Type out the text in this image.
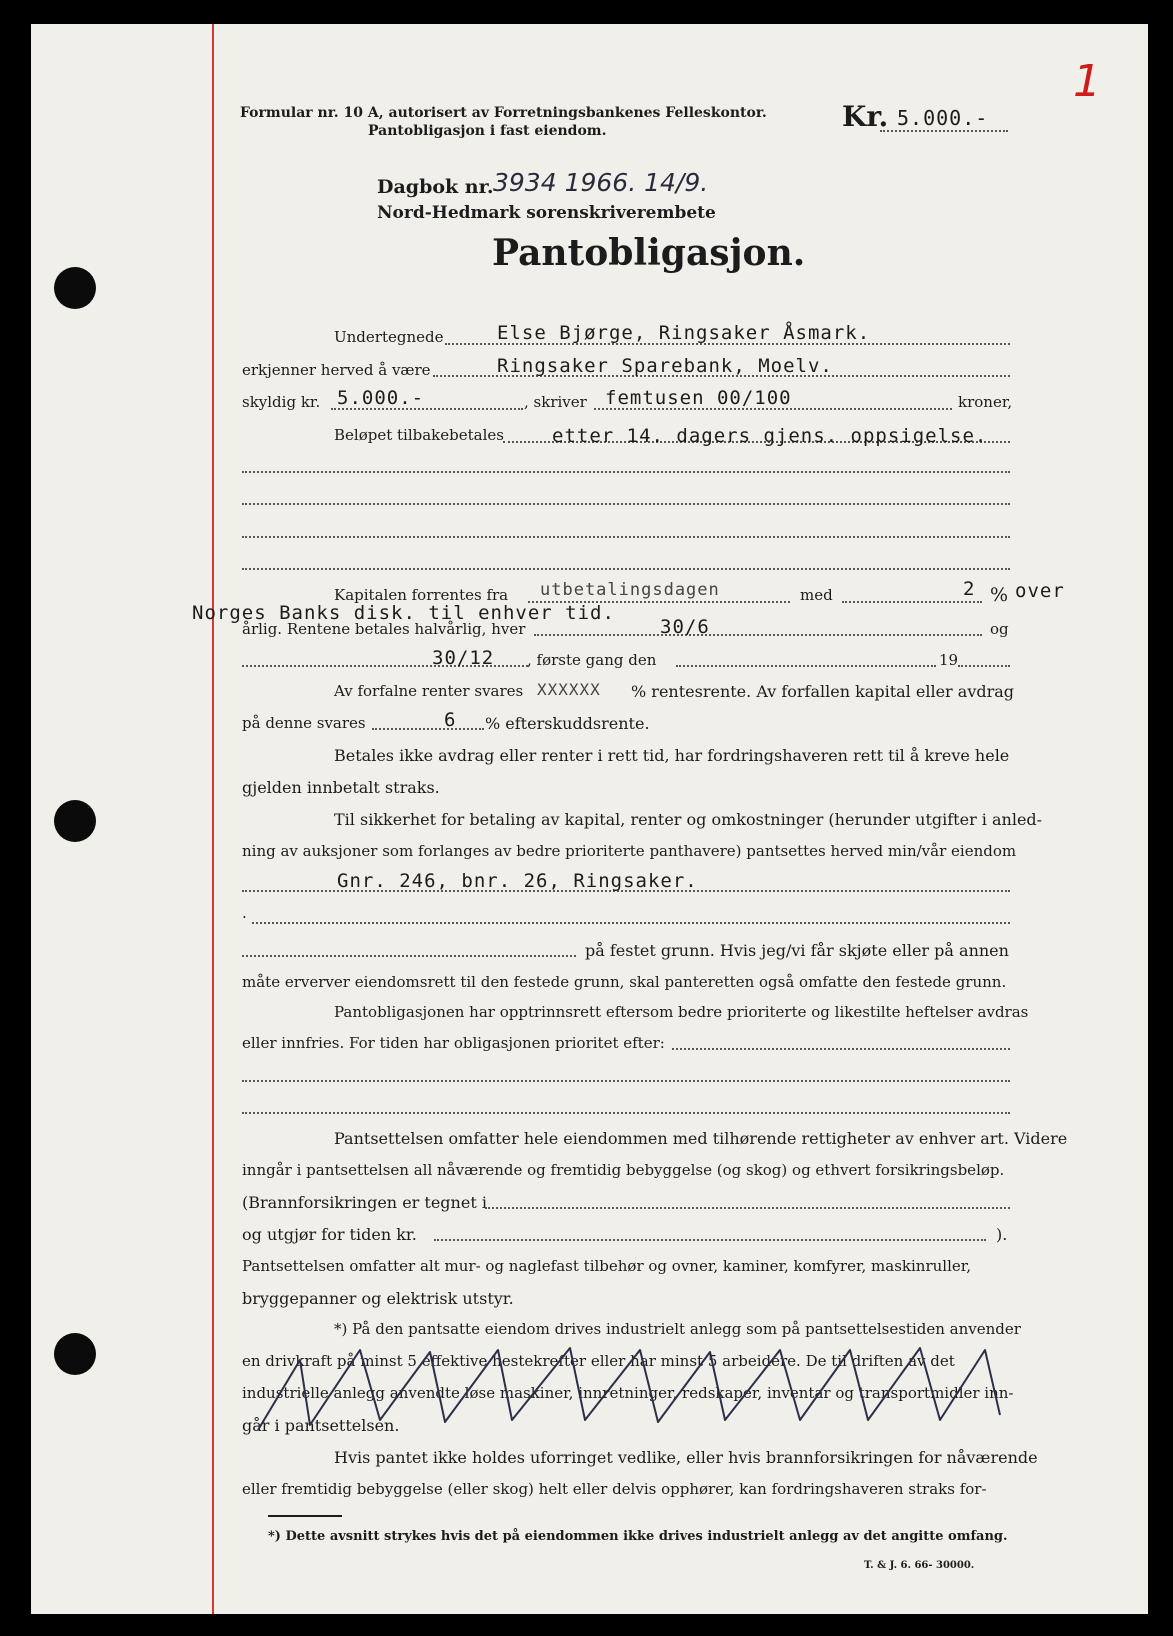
Formular nr. 10 A, autorisert av Forretningsbankenes Felleskontor.
Pantobligasjon i fast eiendom.	Kr. 5.000.-
1
Dagbok nr. 3934 1966. 14/9.
Nord-Hedmark sorenskriverembete
Pantobligasjon.
Undertegnede	Else Bjørge, Ringsaker Åsmark.
erkjenner herved å være	Ringsaker Sparebank, Moelv.
skyldig kr. 5.000.-	, skriver femtusen 00/100	kroner,
Beløpet tilbakebetales	etter 14. dagers gjens. oppsigelse.
Kapitalen forrentes fra utbetalingsdagen	med	2 % over
Norges Banks disk. til enhver tid.
årlig. Rentene betales halvårlig, hver	30/6	og
30/12 , første gang den	19
Av forfalne renter svares XXXXXX % rentesrente. Av forfallen kapital eller avdrag
på denne svares	6 % efterskuddsrente.
Betales ikke avdrag eller renter i rett tid, har fordringshaveren rett til å kreve hele
gjelden innbetalt straks.
Til sikkerhet for betaling av kapital, renter og omkostninger (herunder utgifter i anled-
ning av auksjoner som forlanges av bedre prioriterte panthavere) pantsettes herved min/vår eiendom
Gnr. 246, bnr. 26, Ringsaker.
.
på festet grunn. Hvis jeg/vi får skjøte eller på annen
måte erverver eiendomsrett til den festede grunn, skal panteretten også omfatte den festede grunn.
Pantobligasjonen har opptrinnsrett eftersom bedre prioriterte og likestilte heftelser avdras
eller innfries. For tiden har obligasjonen prioritet efter:
Pantsettelsen omfatter hele eiendommen med tilhørende rettigheter av enhver art. Videre
inngår i pantsettelsen all nåværende og fremtidig bebyggelse (og skog) og ethvert forsikringsbeløp.
(Brannforsikringen er tegnet i
og utgjør for tiden kr.	).
Pantsettelsen omfatter alt mur- og naglefast tilbehør og ovner, kaminer, komfyrer, maskinruller,
bryggepanner og elektrisk utstyr.
*) På den pantsatte eiendom drives industrielt anlegg som på pantsettelsestiden anvender
en drivkraft på minst 5 effektive hestekrefter eller har minst 5 arbeidere. De til driften av det
industrielle anlegg anvendte løse maskiner, innretninger, redskaper, inventar og transportmidler inn-
går i pantsettelsen.
Hvis pantet ikke holdes uforringet vedlike, eller hvis brannforsikringen for nåværende
eller fremtidig bebyggelse (eller skog) helt eller delvis opphører, kan fordringshaveren straks for-
*) Dette avsnitt strykes hvis det på eiendommen ikke drives industrielt anlegg av det angitte omfang.
T. & J. 6. 66- 30000.
